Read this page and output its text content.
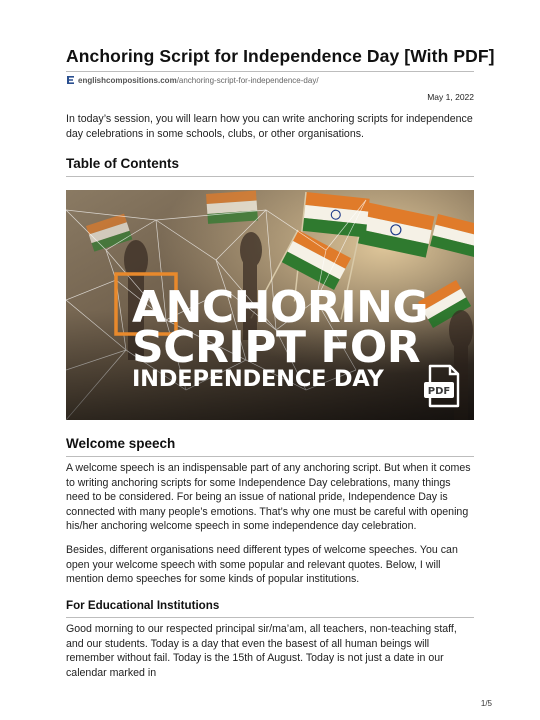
Anchoring Script for Independence Day [With PDF]
englishcompositions.com /anchoring-script-for-independence-day/
May 1, 2022
In today’s session, you will learn how you can write anchoring scripts for independence day celebrations in some schools, clubs, or other organisations.
Table of Contents
ANCHORING
SCRIPT FOR
INDEPENDENCE DAY	PDF
Welcome speech
A welcome speech is an indispensable part of any anchoring script. But when it comes to writing anchoring scripts for some Independence Day celebrations, many things need to be considered. For being an issue of national pride, Independence Day is connected with many people’s emotions. That’s why one must be careful with opening his/her anchoring welcome speech in some independence day celebration.
Besides, different organisations need different types of welcome speeches. You can open your welcome speech with some popular and relevant quotes. Below, I will mention demo speeches for some kinds of popular institutions.
For Educational Institutions
Good morning to our respected principal sir/ma’am, all teachers, non-teaching staff, and our students. Today is a day that even the basest of all human beings will remember without fail. Today is the 15th of August. Today is not just a date in our calendar marked in
1/5
